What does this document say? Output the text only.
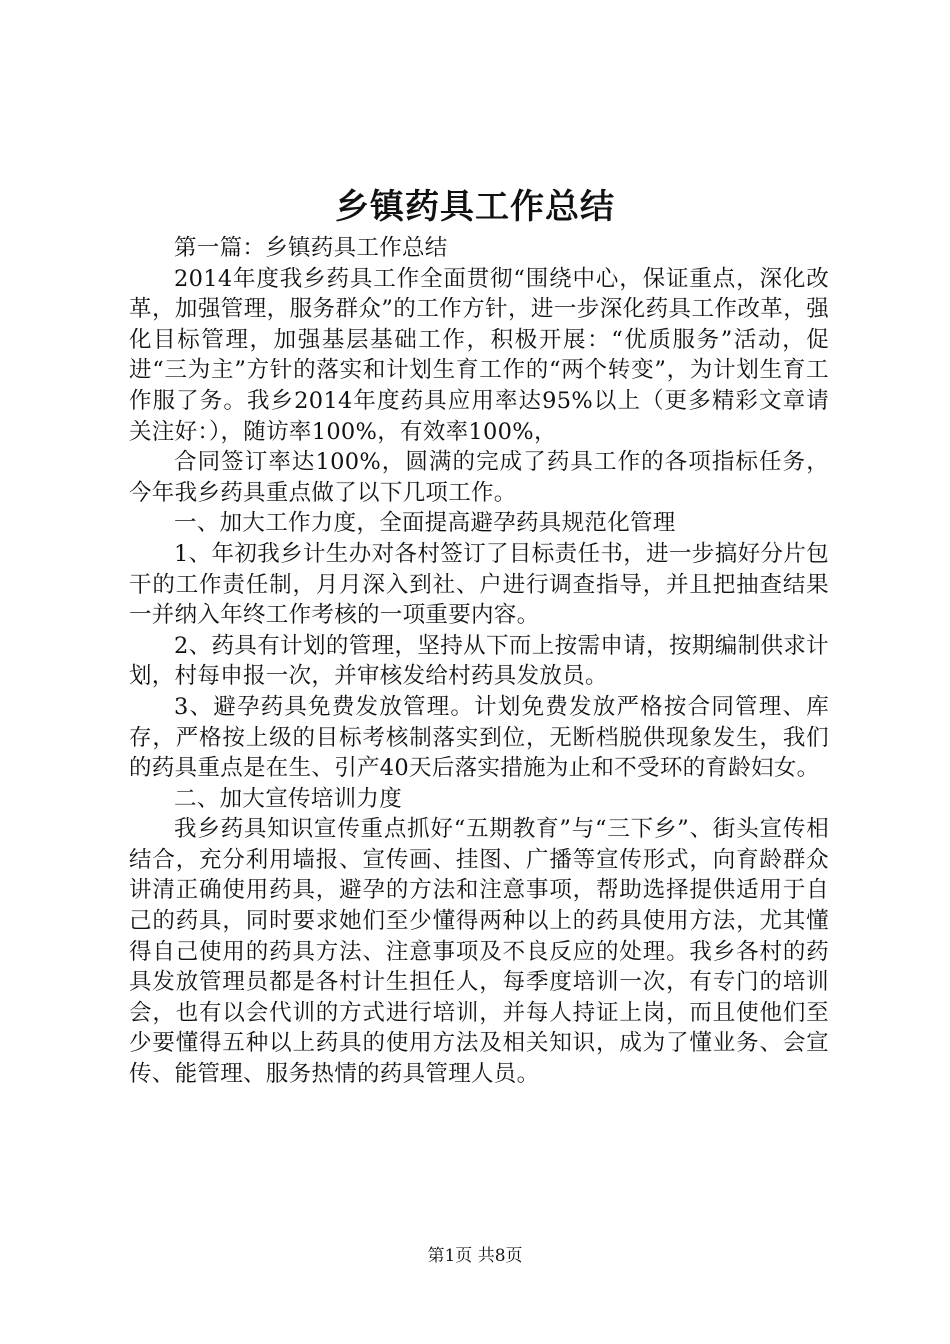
乡镇药具工作总结

第一篇：乡镇药具工作总结

2014年度我乡药具工作全面贯彻“围绕中心，保证重点，深化改革，加强管理，服务群众”的工作方针，进一步深化药具工作改革，强化目标管理，加强基层基础工作，积极开展：“优质服务”活动，促进“三为主”方针的落实和计划生育工作的“两个转变”，为计划生育工作服了务。我乡2014年度药具应用率达95%以上（更多精彩文章请关注好：），随访率100%，有效率100%，

合同签订率达100%，圆满的完成了药具工作的各项指标任务，今年我乡药具重点做了以下几项工作。

一、加大工作力度，全面提高避孕药具规范化管理

1、年初我乡计生办对各村签订了目标责任书，进一步搞好分片包干的工作责任制，月月深入到社、户进行调查指导，并且把抽查结果一并纳入年终工作考核的一项重要内容。

2、药具有计划的管理，坚持从下而上按需申请，按期编制供求计划，村每申报一次，并审核发给村药具发放员。

3、避孕药具免费发放管理。计划免费发放严格按合同管理、库存，严格按上级的目标考核制落实到位，无断档脱供现象发生，我们的药具重点是在生、引产40天后落实措施为止和不受环的育龄妇女。

二、加大宣传培训力度

我乡药具知识宣传重点抓好“五期教育”与“三下乡”、街头宣传相结合，充分利用墙报、宣传画、挂图、广播等宣传形式，向育龄群众讲清正确使用药具，避孕的方法和注意事项，帮助选择提供适用于自己的药具，同时要求她们至少懂得两种以上的药具使用方法，尤其懂得自己使用的药具方法、注意事项及不良反应的处理。我乡各村的药具发放管理员都是各村计生担任人，每季度培训一次，有专门的培训会，也有以会代训的方式进行培训，并每人持证上岗，而且使他们至少要懂得五种以上药具的使用方法及相关知识，成为了懂业务、会宣传、能管理、服务热情的药具管理人员。

第1页 共8页
